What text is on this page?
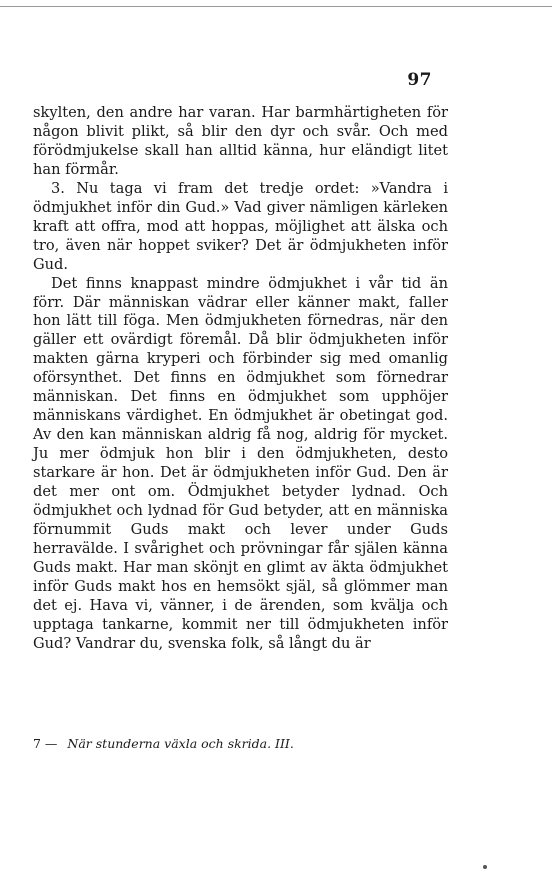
97

skylten, den andre har varan. Har barmhärtigheten för någon blivit plikt, så blir den dyr och svår. Och med förödmjukelse skall han alltid känna, hur eländigt litet han förmår.

3. Nu taga vi fram det tredje ordet: »Vandra i ödmjukhet inför din Gud.» Vad giver nämligen kärleken kraft att offra, mod att hoppas, möjlighet att älska och tro, även när hoppet sviker? Det är ödmjukheten inför Gud.

Det finns knappast mindre ödmjukhet i vår tid än förr. Där människan vädrar eller känner makt, faller hon lätt till föga. Men ödmjukheten förnedras, när den gäller ett ovärdigt föremål. Då blir ödmjukheten inför makten gärna kryperi och förbinder sig med omanlig oförsynthet. Det finns en ödmjukhet som förnedrar människan. Det finns en ödmjukhet som upphöjer människans värdighet. En ödmjukhet är obetingat god. Av den kan människan aldrig få nog, aldrig för mycket. Ju mer ödmjuk hon blir i den ödmjukheten, desto starkare är hon. Det är ödmjukheten inför Gud. Den är det mer ont om. Ödmjukhet betyder lydnad. Och ödmjukhet och lydnad för Gud betyder, att en människa förnummit Guds makt och lever under Guds herravälde. I svårighet och prövningar får själen känna Guds makt. Har man skönjt en glimt av äkta ödmjukhet inför Guds makt hos en hemsökt själ, så glömmer man det ej. Hava vi, vänner, i de ärenden, som kvälja och upptaga tankarne, kommit ner till ödmjukheten inför Gud? Vandrar du, svenska folk, så långt du är

7 — När stunderna växla och skrida. III.
